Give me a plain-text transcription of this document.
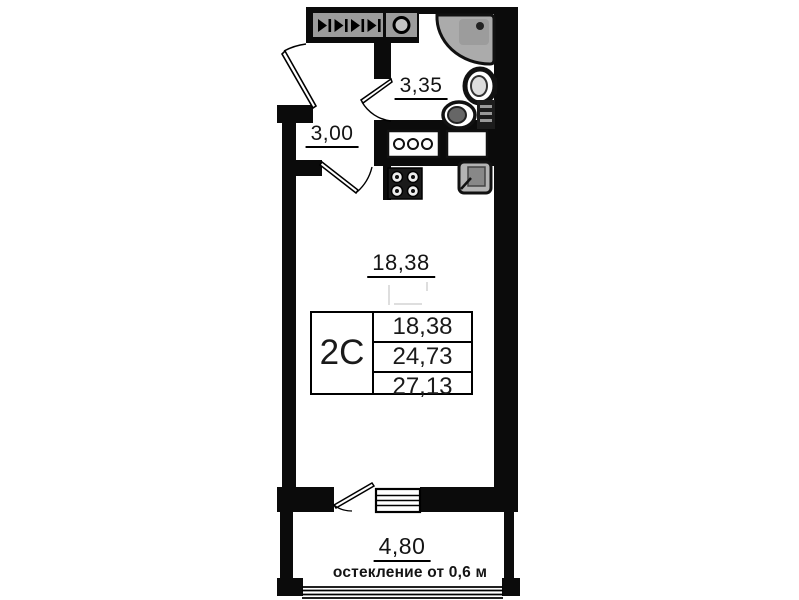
3,00
3,35
18,38
4,80
остекление от 0,6 м
2С
18,38
24,73
27,13
